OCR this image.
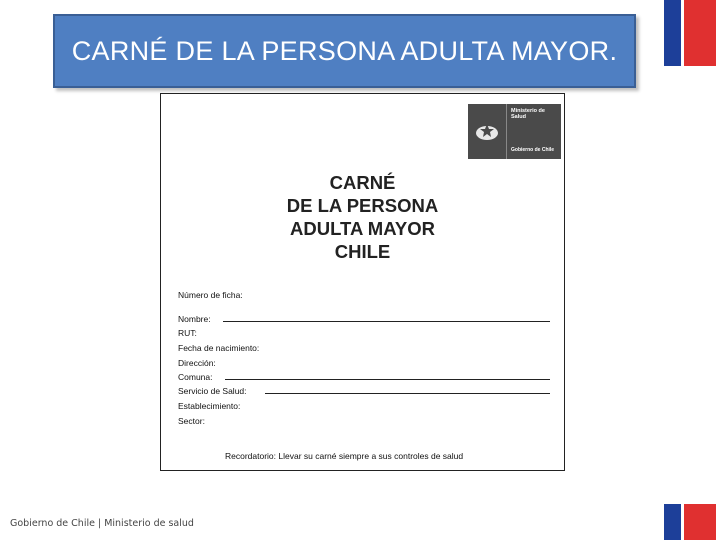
CARNÉ DE LA PERSONA ADULTA MAYOR.
Ministerio de Salud
Gobierno de Chile
CARNÉ
DE LA PERSONA
ADULTA MAYOR
CHILE
Número de ficha:
Nombre:
RUT:
Fecha de nacimiento:
Dirección:
Comuna:
Servicio de Salud:
Establecimiento:
Sector:
Recordatorio: Llevar su carné siempre a sus controles de salud
Gobierno de Chile | Ministerio de salud
